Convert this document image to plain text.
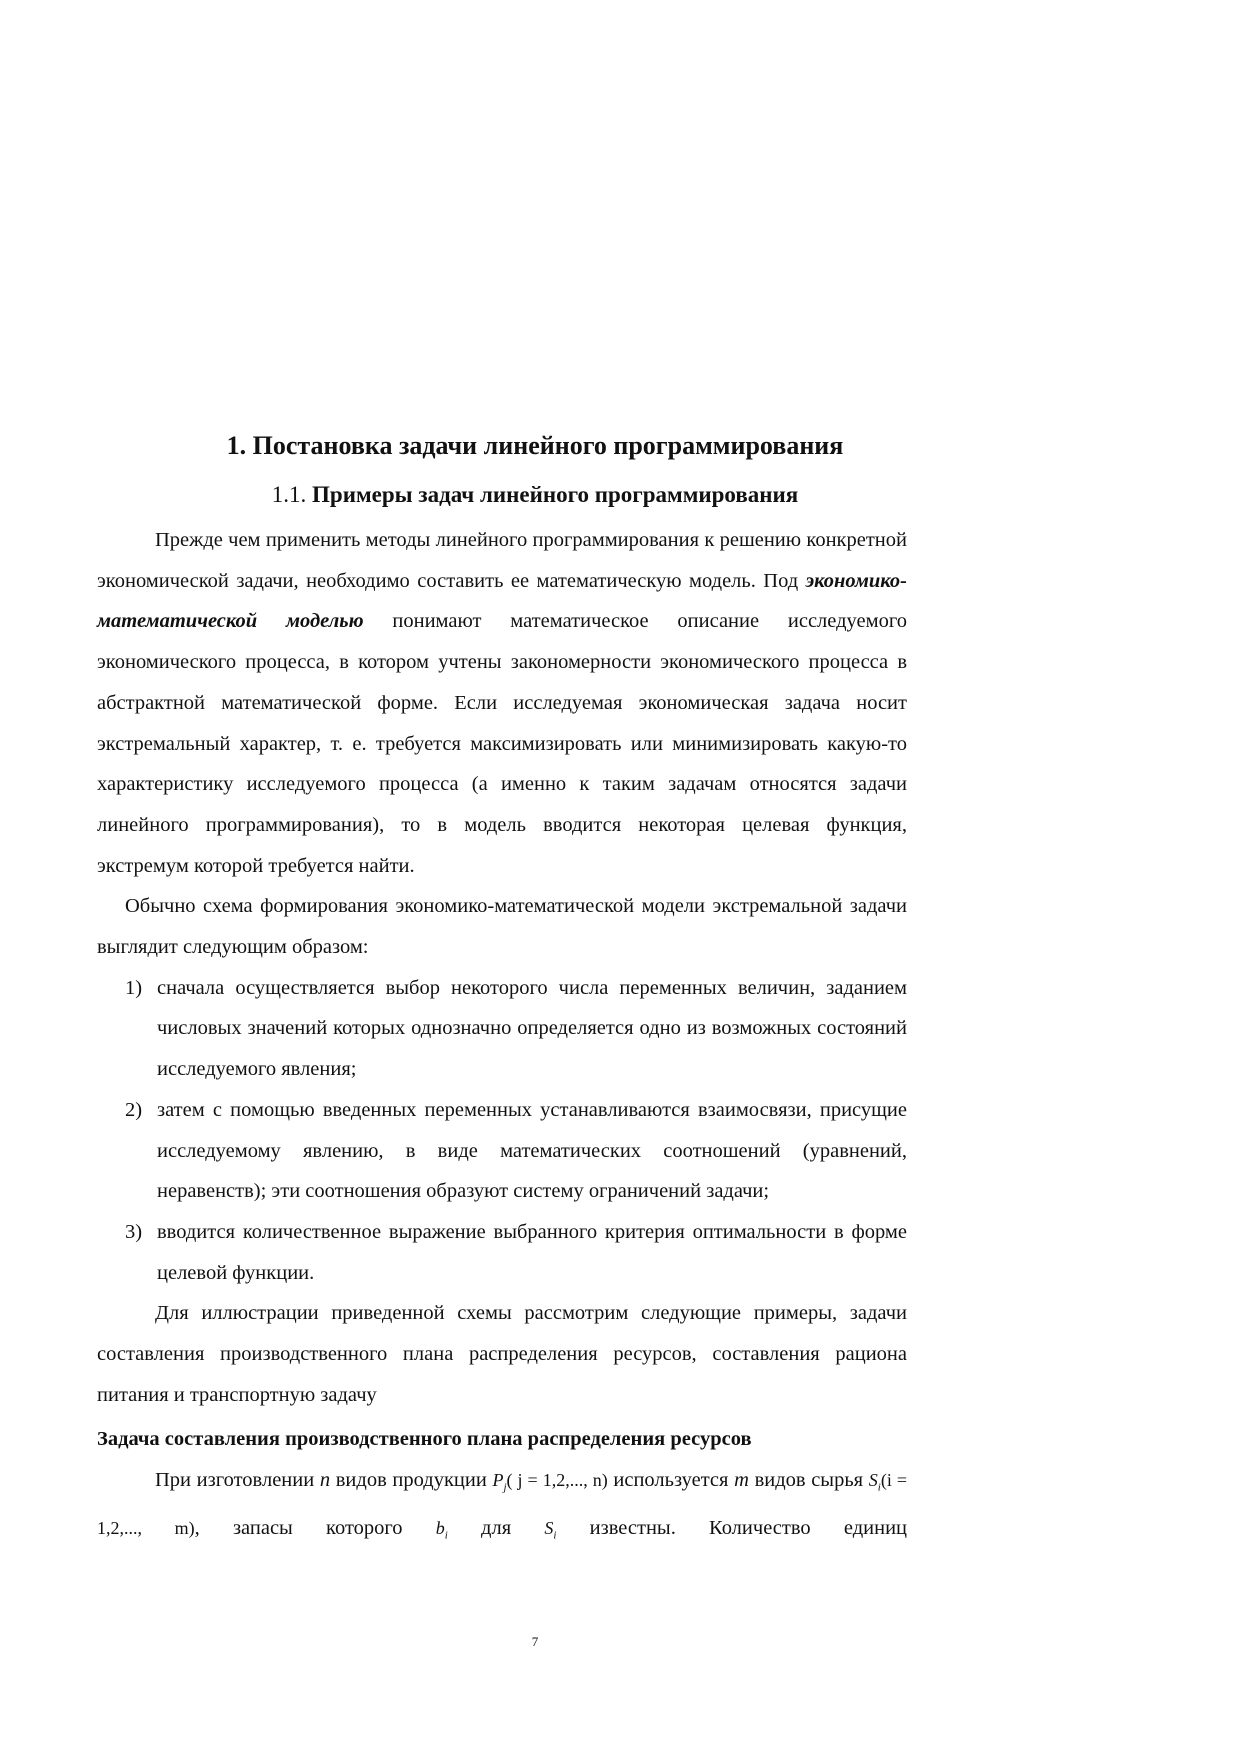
1. Постановка задачи линейного программирования
1.1. Примеры задач линейного программирования

Прежде чем применить методы линейного программирования к решению конкретной экономической задачи, необходимо составить ее математическую модель. Под экономико-математической моделью понимают математическое описание исследуемого экономического процесса, в котором учтены закономерности экономического процесса в абстрактной математической форме. Если исследуемая экономическая задача носит экстремальный характер, т. е. требуется максимизировать или минимизировать какую-то характеристику исследуемого процесса (а именно к таким задачам относятся задачи линейного программирования), то в модель вводится некоторая целевая функция, экстремум которой требуется найти.

Обычно схема формирования экономико-математической модели экстремальной задачи выглядит следующим образом:

1) сначала осуществляется выбор некоторого числа переменных величин, заданием числовых значений которых однозначно определяется одно из возможных состояний исследуемого явления;
2) затем с помощью введенных переменных устанавливаются взаимосвязи, присущие исследуемому явлению, в виде математических соотношений (уравнений, неравенств); эти соотношения образуют систему ограничений задачи;
3) вводится количественное выражение выбранного критерия оптимальности в форме целевой функции.

Для иллюстрации приведенной схемы рассмотрим следующие примеры, задачи составления производственного плана распределения ресурсов, составления рациона питания и транспортную задачу

Задача составления производственного плана распределения ресурсов

При изготовлении n видов продукции $P_j$( j = 1,2,..., n) используется m видов сырья $S_i(i = 1,2$,..., m), запасы которого $b_i$ для $S_i$ известны. Количество единиц

7
